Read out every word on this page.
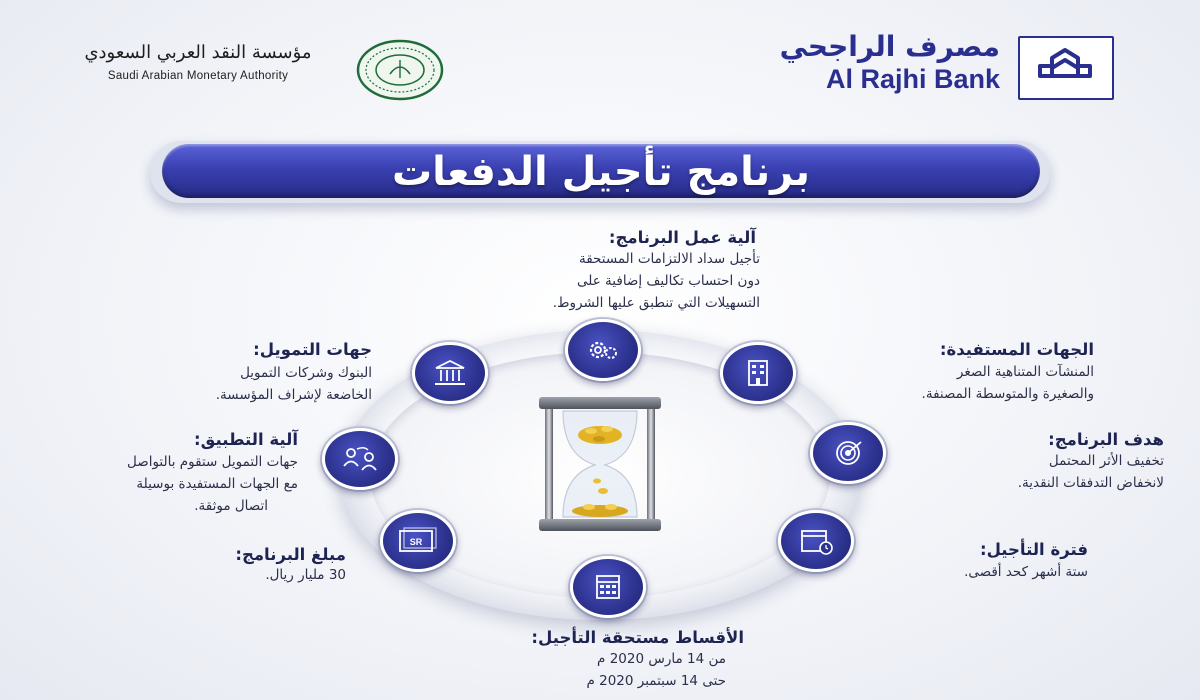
مصرف الراجحي
Al Rajhi Bank
مؤسسة النقد العربي السعودي
Saudi Arabian Monetary Authority
برنامج تأجيل الدفعات
آلية عمل البرنامج:

تأجيل سداد الالتزامات المستحقة

دون احتساب تكاليف إضافية على

التسهيلات التي تنطبق عليها الشروط.

SR
جهات التمويل:

البنوك وشركات التمويل

الخاضعة لإشراف المؤسسة.

آلية التطبيق:

جهات التمويل ستقوم بالتواصل

مع الجهات المستفيدة بوسيلة

اتصال موثقة.

مبلغ البرنامج:

30 مليار ريال.

الجهات المستفيدة:

المنشآت المتناهية الصغر

والصغيرة والمتوسطة المصنفة.

هدف البرنامج:

تخفيف الأثر المحتمل

لانخفاض التدفقات النقدية.

فترة التأجيل:

ستة أشهر كحد أقصى.

الأقساط مستحقة التأجيل:

من 14 مارس 2020 م

حتى 14 سبتمبر 2020 م
